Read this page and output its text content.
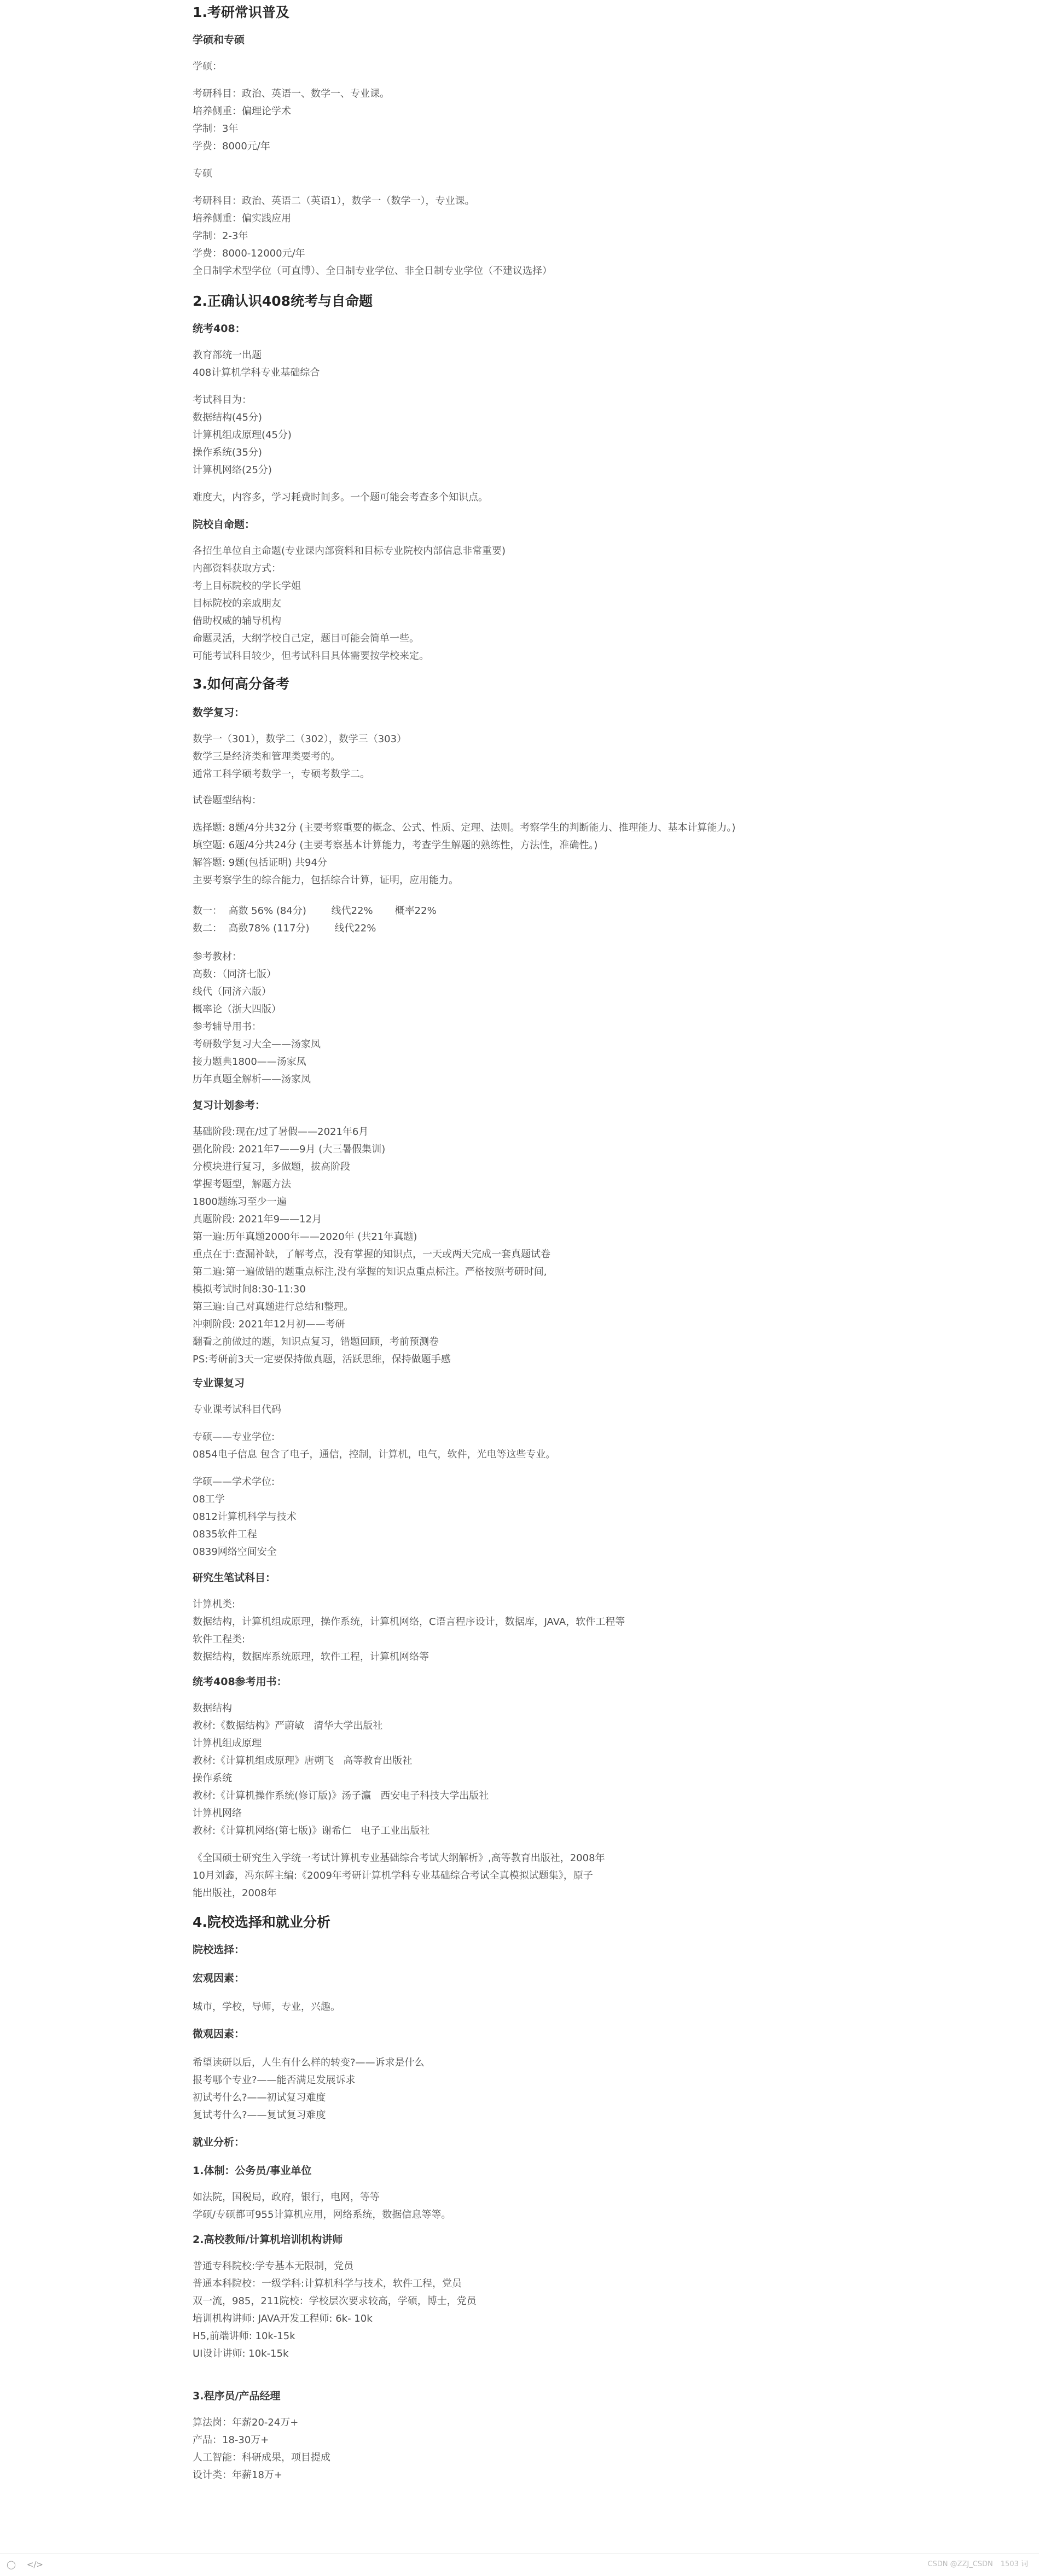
1.考研常识普及
学硕和专硕
学硕：
考研科目：政治、英语一、数学一、专业课。
培养侧重：偏理论学术
学制：3年
学费：8000元/年
专硕
考研科目：政治、英语二（英语1），数学一（数学一），专业课。
培养侧重：偏实践应用
学制：2-3年
学费：8000-12000元/年
全日制学术型学位（可直博）、全日制专业学位、非全日制专业学位（不建议选择）
2.正确认识408统考与自命题
统考408：
教育部统一出题
408计算机学科专业基础综合
考试科目为：
数据结构(45分)
计算机组成原理(45分)
操作系统(35分)
计算机网络(25分)
难度大，内容多，学习耗费时间多。一个题可能会考查多个知识点。
院校自命题：
各招生单位自主命题(专业课内部资料和目标专业院校内部信息非常重要)
内部资料获取方式：
考上目标院校的学长学姐
目标院校的亲戚朋友
借助权威的辅导机构
命题灵活，大纲学校自己定，题目可能会简单一些。
可能考试科目较少，但考试科目具体需要按学校来定。
3.如何高分备考
数学复习：
数学一（301），数学二（302），数学三（303）
数学三是经济类和管理类要考的。
通常工科学硕考数学一，专硕考数学二。
试卷题型结构：
选择题: 8题/4分共32分 (主要考察重要的概念、公式、性质、定理、法则。考察学生的判断能力、推理能力、基本计算能力。)
填空题: 6题/4分共24分 (主要考察基本计算能力，考查学生解题的熟练性，方法性，准确性。)
解答题: 9题(包括证明) 共94分
主要考察学生的综合能力，包括综合计算，证明，应用能力。
数一：  高数 56% (84分)        线代22%       概率22%
数二：  高数78% (117分)        线代22%
参考教材：
高数：（同济七版）
线代（同济六版）
概率论（浙大四版）
参考辅导用书：
考研数学复习大全——汤家凤
接力题典1800——汤家凤
历年真题全解析——汤家凤
复习计划参考：
基础阶段:现在/过了暑假——2021年6月
强化阶段: 2021年7——9月 (大三暑假集训)
分模块进行复习，多做题，拔高阶段
掌握考题型，解题方法
1800题练习至少一遍
真题阶段: 2021年9——12月
第一遍:历年真题2000年——2020年 (共21年真题)
重点在于:查漏补缺，了解考点，没有掌握的知识点，一天或两天完成一套真题试卷
第二遍:第一遍做错的题重点标注,没有掌握的知识点重点标注。严格按照考研时间,
模拟考试时间8:30-11:30
第三遍:自己对真题进行总结和整理。
冲刺阶段: 2021年12月初——考研
翻看之前做过的题，知识点复习，错题回顾，考前预测卷
PS:考研前3天一定要保持做真题，活跃思维，保持做题手感
专业课复习
专业课考试科目代码
专硕——专业学位:
0854电子信息 包含了电子，通信，控制，计算机，电气，软件，光电等这些专业。
学硕——学术学位:
08工学
0812计算机科学与技术
0835软件工程
0839网络空间安全
研究生笔试科目：
计算机类:
数据结构，计算机组成原理，操作系统，计算机网络，C语言程序设计，数据库，JAVA，软件工程等
软件工程类:
数据结构，数据库系统原理，软件工程，计算机网络等
统考408参考用书：
数据结构
教材:《数据结构》严蔚敏   清华大学出版社
计算机组成原理
教材:《计算机组成原理》唐朔飞   高等教育出版社
操作系统
教材:《计算机操作系统(修订版)》汤子瀛   西安电子科技大学出版社
计算机网络
教材:《计算机网络(第七版)》谢希仁   电子工业出版社
《全国硕士研究生入学统一考试计算机专业基础综合考试大纲解析》,高等教育出版社，2008年
10月刘鑫，冯东辉主编:《2009年考研计算机学科专业基础综合考试全真模拟试题集》，原子
能出版社，2008年
4.院校选择和就业分析
院校选择：
宏观因素：
城市，学校，导师，专业，兴趣。
微观因素：
希望读研以后，人生有什么样的转变?——诉求是什么
报考哪个专业?——能否满足发展诉求
初试考什么?——初试复习难度
复试考什么?——复试复习难度
就业分析：
1.体制：公务员/事业单位
如法院，国税局，政府，银行，电网，等等
学硕/专硕都可955计算机应用，网络系统，数据信息等等。
2.高校教师/计算机培训机构讲师
普通专科院校:学专基本无限制，党员
普通本科院校：一级学科:计算机科学与技术，软件工程，党员
双一流，985，211院校：学校层次要求较高，学硕，博士，党员
培训机构讲师: JAVA开发工程师: 6k- 10k
H5,前端讲师: 10k-15k
UI设计讲师: 10k-15k
3.程序员/产品经理
算法岗：年薪20-24万+
产品：18-30万+
人工智能：科研成果，项目提成
设计类：年薪18万+
◯ </>	CSDN @ZZJ_CSDN 1503 词
